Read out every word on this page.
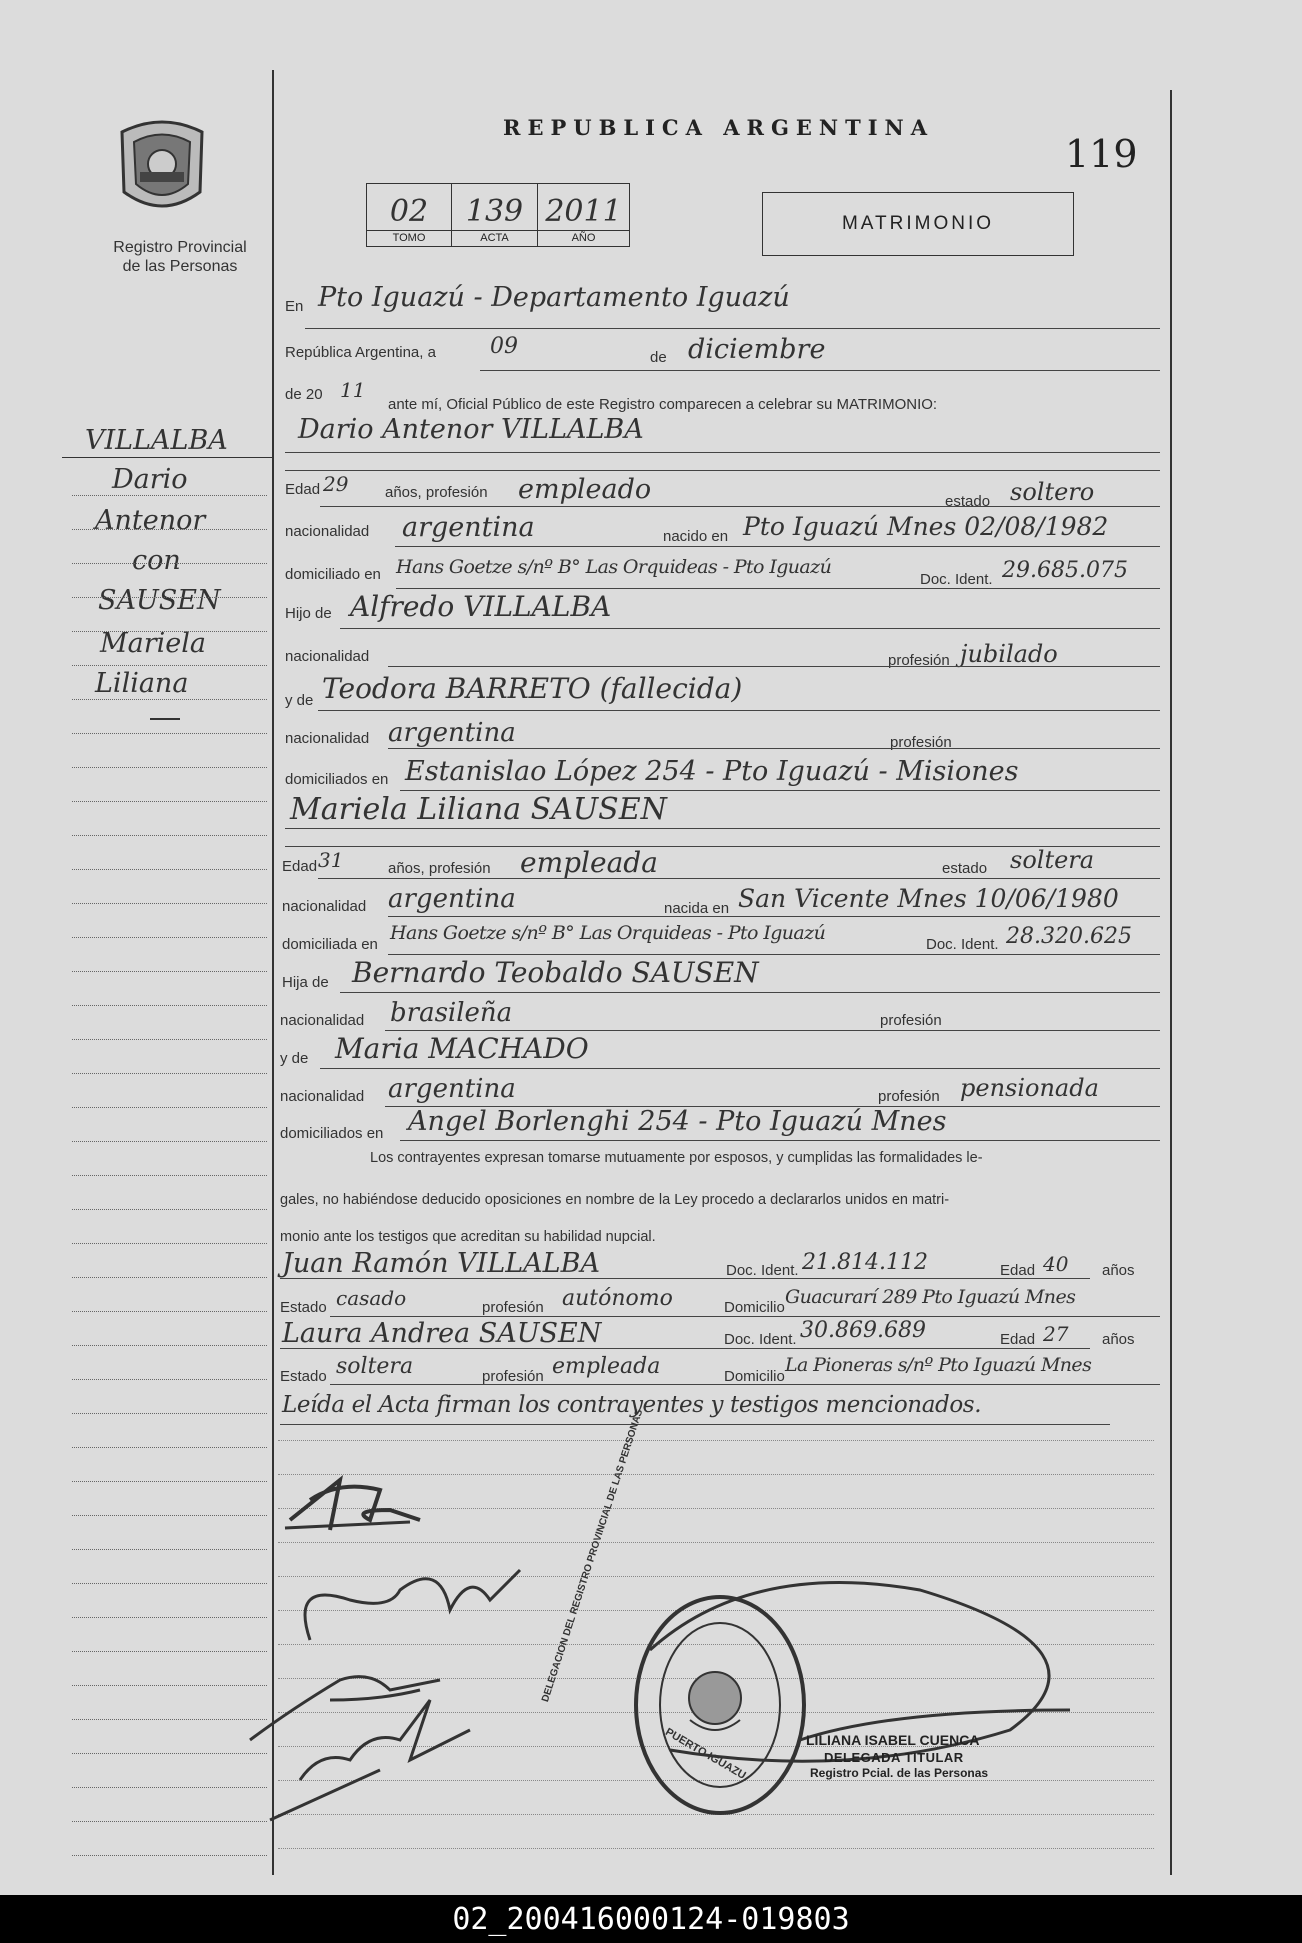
Registro Provincial
de las Personas
REPUBLICA ARGENTINA
119
02
TOMO
139
ACTA
2011
AÑO
MATRIMONIO
VILLALBA
Dario
Antenor
con
SAUSEN
Mariela
Liliana
En Pto Iguazú - Departamento Iguazú
República Argentina, a 09	de diciembre
de 20 11
ante mí, Oficial Público de este Registro comparecen a celebrar su MATRIMONIO:
Dario Antenor VILLALBA
Edad 29 años, profesión empleado	estado soltero
nacionalidad argentina	nacido en Pto Iguazú Mnes 02/08/1982
domiciliado en Hans Goetze s/nº B° Las Orquideas - Pto Iguazú
Doc. Ident. 29.685.075
Hijo de Alfredo VILLALBA
nacionalidad	profesión jubilado
y de Teodora BARRETO (fallecida)
nacionalidad argentina	profesión
domiciliados en Estanislao López 254 - Pto Iguazú - Misiones
Mariela Liliana SAUSEN
Edad 31	años, profesión empleada	estado soltera
nacionalidad argentina	nacida en San Vicente Mnes 10/06/1980
domiciliada en
Hans Goetze s/nº B° Las Orquideas - Pto Iguazú
Doc. Ident. 28.320.625
Hija de Bernardo Teobaldo SAUSEN
nacionalidad brasileña	profesión
y de Maria MACHADO
nacionalidad argentina	profesión pensionada
domiciliados en Angel Borlenghi 254 - Pto Iguazú Mnes
Los contrayentes expresan tomarse mutuamente por esposos, y cumplidas las formalidades le-
gales, no habiéndose deducido oposiciones en nombre de la Ley procedo a declararlos unidos en matri-
monio ante los testigos que acreditan su habilidad nupcial.
Juan Ramón VILLALBA	Doc. Ident. 21.814.112	Edad 40 años
Estado casado	profesión autónomo	Domicilio Guacurarí 289 Pto Iguazú Mnes
Laura Andrea SAUSEN	Doc. Ident. 30.869.689	Edad 27 años
Estado soltera	profesión empleada	Domicilio
La Pioneras s/nº Pto Iguazú Mnes
Leída el Acta firman los contrayentes y testigos mencionados.
DELEGACION DEL REGISTRO PROVINCIAL DE LAS PERSONAS
PUERTO IGUAZU	LILIANA ISABEL CUENCA
DELEGADA TITULAR
Registro Pcial. de las Personas
02_200416000124-019803
